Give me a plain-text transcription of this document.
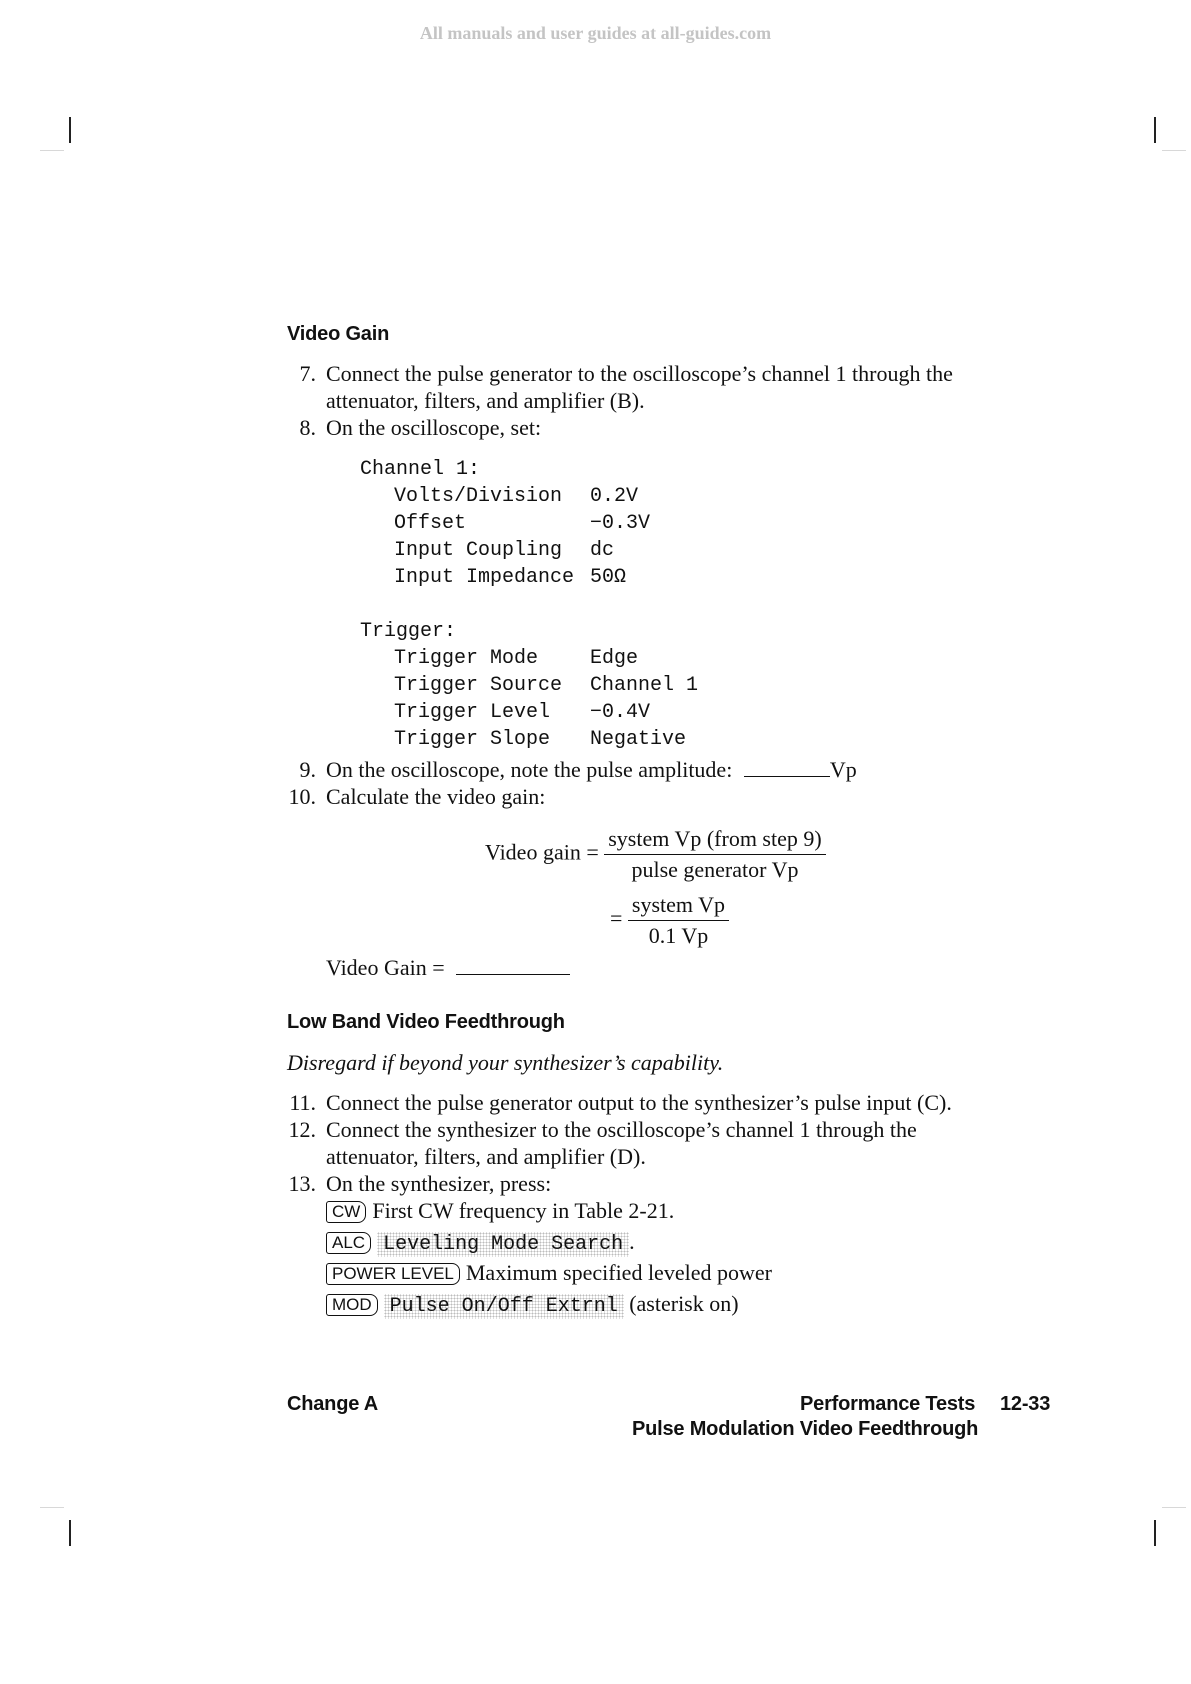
All manuals and user guides at all-guides.com
Video Gain
7. Connect the pulse generator to the oscilloscope’s channel 1 through the
attenuator, filters, and amplifier (B).
8. On the oscilloscope, set:
Channel 1:
Volts/Division 0.2V
Offset	−0.3V
Input Coupling dc
Input Impedance 50Ω
Trigger:
Trigger Mode	Edge
Trigger Source Channel 1
Trigger Level −0.4V
Trigger Slope Negative
9. On the oscilloscope, note the pulse amplitude:	Vp
10. Calculate the video gain:
Video gain = $\frac{\text{system Vp (from step 9)}}{\text{pulse generator Vp}}$
= $\frac{\text{system Vp}}{0.1 Vp}$
Video Gain =
Low Band Video Feedthrough
Disregard if beyond your synthesizer’s capability.
11. Connect the pulse generator output to the synthesizer’s pulse input (C).
12. Connect the synthesizer to the oscilloscope’s channel 1 through the
attenuator, filters, and amplifier (D).
13. On the synthesizer, press:
CW First CW frequency in Table 2-21.
ALC Leveling Mode Search .
POWER LEVEL Maximum specified leveled power
MOD Pulse On/Off Extrnl (asterisk on)
Change A	Performance Tests 12-33
Pulse Modulation Video Feedthrough
